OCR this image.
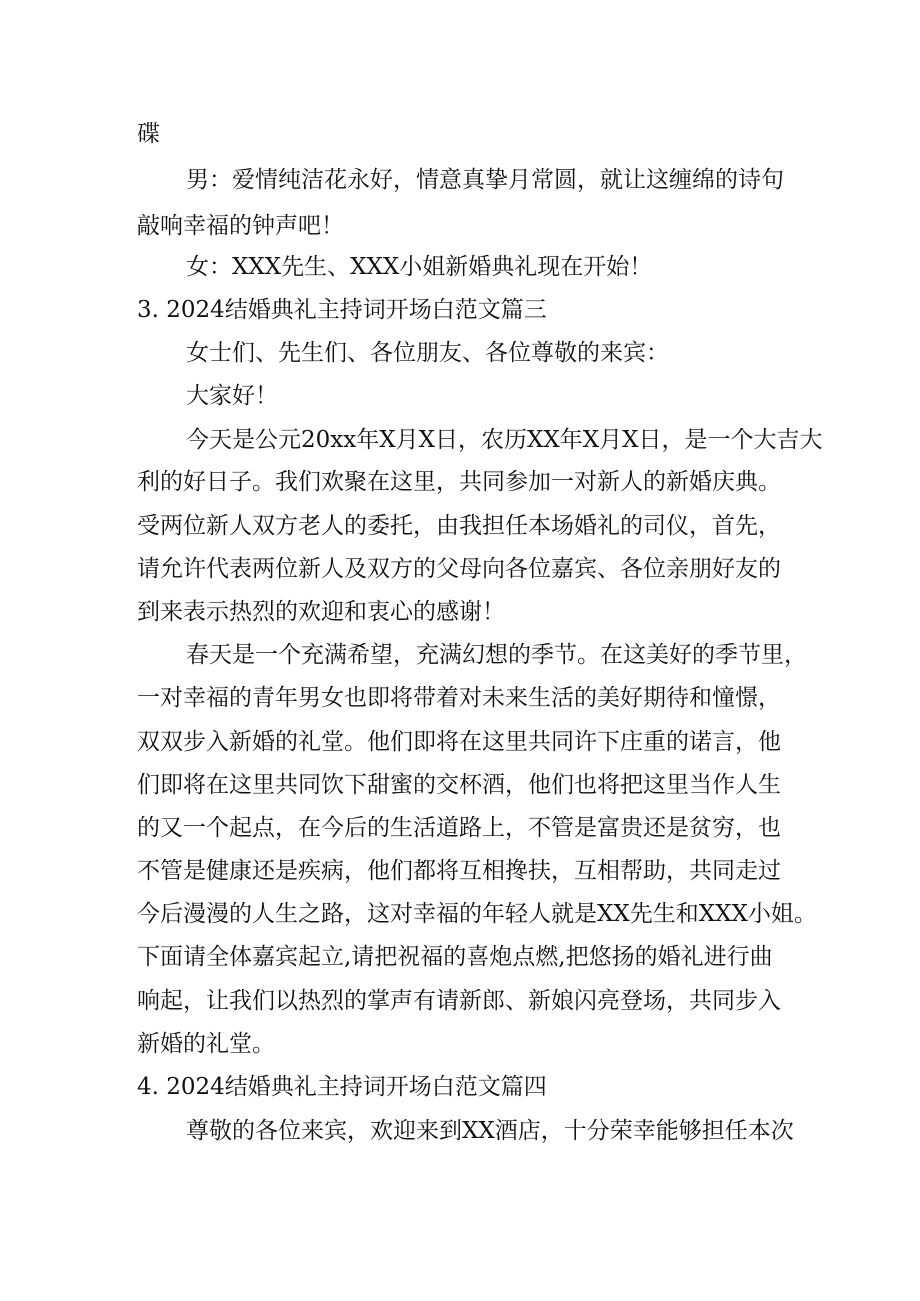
碟
男：爱情纯洁花永好，情意真挚月常圆，就让这缠绵的诗句
敲响幸福的钟声吧！
女：XXX先生、XXX小姐新婚典礼现在开始！
3. 2024结婚典礼主持词开场白范文篇三
女士们、先生们、各位朋友、各位尊敬的来宾：
大家好！
今天是公元20xx年X月X日，农历XX年X月X日，是一个大吉大
利的好日子。我们欢聚在这里，共同参加一对新人的新婚庆典。
受两位新人双方老人的委托，由我担任本场婚礼的司仪，首先，
请允许代表两位新人及双方的父母向各位嘉宾、各位亲朋好友的
到来表示热烈的欢迎和衷心的感谢！
春天是一个充满希望，充满幻想的季节。在这美好的季节里，
一对幸福的青年男女也即将带着对未来生活的美好期待和憧憬，
双双步入新婚的礼堂。他们即将在这里共同许下庄重的诺言，他
们即将在这里共同饮下甜蜜的交杯酒，他们也将把这里当作人生
的又一个起点，在今后的生活道路上，不管是富贵还是贫穷，也
不管是健康还是疾病，他们都将互相搀扶，互相帮助，共同走过
今后漫漫的人生之路，这对幸福的年轻人就是XX先生和XXX小姐。
下面请全体嘉宾起立,请把祝福的喜炮点燃,把悠扬的婚礼进行曲
响起，让我们以热烈的掌声有请新郎、新娘闪亮登场，共同步入
新婚的礼堂。
4. 2024结婚典礼主持词开场白范文篇四
尊敬的各位来宾，欢迎来到XX酒店，十分荣幸能够担任本次
